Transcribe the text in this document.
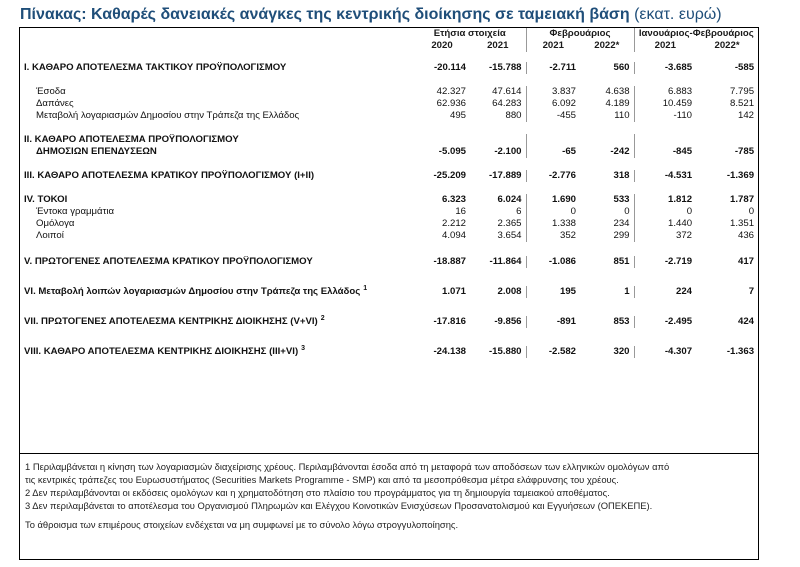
Πίνακας: Καθαρές δανειακές ανάγκες της κεντρικής διοίκησης σε ταμειακή βάση (εκατ. ευρώ)
	Ετήσια στοιχεία		Φεβρουάριος		Ιανουάριος-Φεβρουάριος	
	2020	2021	2021	2022*	2021	2022*

I. ΚΑΘΑΡΟ ΑΠΟΤΕΛΕΣΜΑ ΤΑΚΤΙΚΟΥ ΠΡΟΫΠΟΛΟΓΙΣΜΟΥ	-20.114	-15.788	-2.711	560	-3.685	-585

Έσοδα	42.327	47.614	3.837	4.638	6.883	7.795
Δαπάνες	62.936	64.283	6.092	4.189	10.459	8.521
Μεταβολή λογαριασμών Δημοσίου στην Τράπεζα της Ελλάδος	495	880	-455	110	-110	142

II. ΚΑΘΑΡΟ ΑΠΟΤΕΛΕΣΜΑ ΠΡΟΫΠΟΛΟΓΙΣΜΟΥ						
ΔΗΜΟΣΙΩΝ ΕΠΕΝΔΥΣΕΩΝ	-5.095	-2.100	-65	-242	-845	-785

III. ΚΑΘΑΡΟ ΑΠΟΤΕΛΕΣΜΑ ΚΡΑΤΙΚΟΥ ΠΡΟΫΠΟΛΟΓΙΣΜΟΥ (I+II)	-25.209	-17.889	-2.776	318	-4.531	-1.369

IV. ΤΟΚΟΙ	6.323	6.024	1.690	533	1.812	1.787
Έντοκα γραμμάτια	16	6	0	0	0	0
Ομόλογα	2.212	2.365	1.338	234	1.440	1.351
Λοιποί	4.094	3.654	352	299	372	436

V. ΠΡΩΤΟΓΕΝΕΣ ΑΠΟΤΕΛΕΣΜΑ ΚΡΑΤΙΚΟΥ ΠΡΟΫΠΟΛΟΓΙΣΜΟΥ	-18.887	-11.864	-1.086	851	-2.719	417

VI. Μεταβολή λοιπών λογαριασμών Δημοσίου στην Τράπεζα της Ελλάδος $^1$	1.071	2.008	195	1	224	7

VII. ΠΡΩΤΟΓΕΝΕΣ ΑΠΟΤΕΛΕΣΜΑ ΚΕΝΤΡΙΚΗΣ ΔΙΟΙΚΗΣΗΣ (V+VI) $^2$	-17.816	-9.856	-891	853	-2.495	424

VIII. ΚΑΘΑΡΟ ΑΠΟΤΕΛΕΣΜΑ ΚΕΝΤΡΙΚΗΣ ΔΙΟΙΚΗΣΗΣ (III+VI) $^3$	-24.138	-15.880	-2.582	320	-4.307	-1.363
1 Περιλαμβάνεται η κίνηση των λογαριασμών διαχείρισης χρέους. Περιλαμβάνονται έσοδα από τη μεταφορά των αποδόσεων των ελληνικών ομολόγων από
τις κεντρικές τράπεζες του Ευρωσυστήματος (Securities Markets Programme - SMP) και από τα μεσοπρόθεσμα μέτρα ελάφρυνσης του χρέους.
2 Δεν περιλαμβάνονται οι εκδόσεις ομολόγων και η χρηματοδότηση στο πλαίσιο του προγράμματος για τη δημιουργία ταμειακού αποθέματος.
3 Δεν περιλαμβάνεται το αποτέλεσμα του Οργανισμού Πληρωμών και Ελέγχου Κοινοτικών Ενισχύσεων Προσανατολισμού και Εγγυήσεων (ΟΠΕΚΕΠΕ).
Το άθροισμα των επιμέρους στοιχείων ενδέχεται να μη συμφωνεί με το σύνολο λόγω στρογγυλοποίησης.
